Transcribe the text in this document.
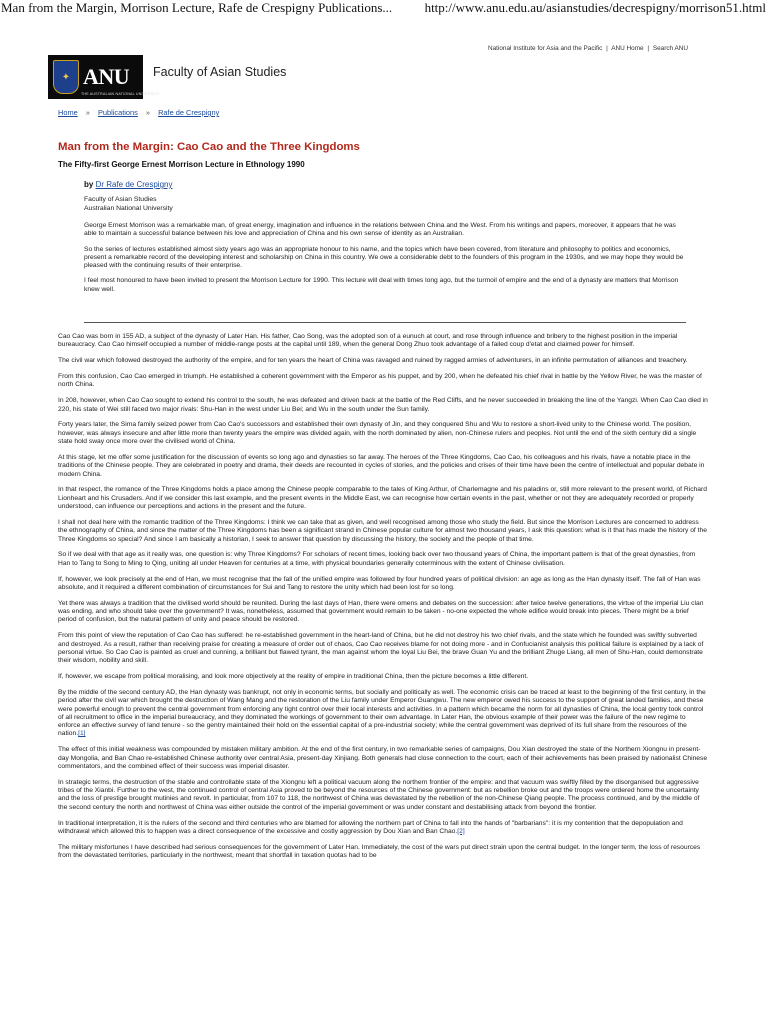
Man from the Margin, Morrison Lecture, Rafe de Crespigny Publications... http://www.anu.edu.au/asianstudies/decrespigny/morrison51.html
National Institute for Asia and the Pacific | ANU Home | Search ANU
✦ ANU
THE AUSTRALIAN NATIONAL UNIVERSITY
Faculty of Asian Studies
Home » Publications » Rafe de Crespigny
Man from the Margin: Cao Cao and the Three Kingdoms
The Fifty-first George Ernest Morrison Lecture in Ethnology 1990
by Dr Rafe de Crespigny
Faculty of Asian Studies
Australian National University

George Ernest Morrison was a remarkable man, of great energy, imagination and influence in the relations between China and the West. From his writings and papers, moreover, it appears that he was able to maintain a successful balance between his love and appreciation of China and his own sense of identity as an Australian.

So the series of lectures established almost sixty years ago was an appropriate honour to his name, and the topics which have been covered, from literature and philosophy to politics and economics, present a remarkable record of the developing interest and scholarship on China in this country. We owe a considerable debt to the founders of this program in the 1930s, and we may hope they would be pleased with the continuing results of their enterprise.

I feel most honoured to have been invited to present the Morrison Lecture for 1990. This lecture will deal with times long ago, but the turmoil of empire and the end of a dynasty are matters that Morrison knew well.

Cao Cao was born in 155 AD, a subject of the dynasty of Later Han. His father, Cao Song, was the adopted son of a eunuch at court, and rose through influence and bribery to the highest position in the imperial bureaucracy. Cao Cao himself occupied a number of middle-range posts at the capital until 189, when the general Dong Zhuo took advantage of a failed coup d'etat and claimed power for himself.

The civil war which followed destroyed the authority of the empire, and for ten years the heart of China was ravaged and ruined by ragged armies of adventurers, in an infinite permutation of alliances and treachery.

From this confusion, Cao Cao emerged in triumph. He established a coherent government with the Emperor as his puppet, and by 200, when he defeated his chief rival in battle by the Yellow River, he was the master of north China.

In 208, however, when Cao Cao sought to extend his control to the south, he was defeated and driven back at the battle of the Red Cliffs, and he never succeeded in breaking the line of the Yangzi. When Cao Cao died in 220, his state of Wei still faced two major rivals: Shu-Han in the west under Liu Bei; and Wu in the south under the Sun family.

Forty years later, the Sima family seized power from Cao Cao's successors and established their own dynasty of Jin, and they conquered Shu and Wu to restore a short-lived unity to the Chinese world. The position, however, was always insecure and after little more than twenty years the empire was divided again, with the north dominated by alien, non-Chinese rulers and peoples. Not until the end of the sixth century did a single state hold sway once more over the civilised world of China.

At this stage, let me offer some justification for the discussion of events so long ago and dynasties so far away. The heroes of the Three Kingdoms, Cao Cao, his colleagues and his rivals, have a notable place in the traditions of the Chinese people. They are celebrated in poetry and drama, their deeds are recounted in cycles of stories, and the policies and crises of their time have been the centre of intellectual and popular debate in modern China.

In that respect, the romance of the Three Kingdoms holds a place among the Chinese people comparable to the tales of King Arthur, of Charlemagne and his paladins or, still more relevant to the present world, of Richard Lionheart and his Crusaders. And if we consider this last example, and the present events in the Middle East, we can recognise how certain events in the past, whether or not they are adequately recorded or properly understood, can influence our perceptions and actions in the present and the future.

I shall not deal here with the romantic tradition of the Three Kingdoms: I think we can take that as given, and well recognised among those who study the field. But since the Morrison Lectures are concerned to address the ethnography of China, and since the matter of the Three Kingdoms has been a significant strand in Chinese popular culture for almost two thousand years, I ask this question: what is it that has made the history of the Three Kingdoms so special? And since I am basically a historian, I seek to answer that question by discussing the history, the society and the people of that time.

So if we deal with that age as it really was, one question is: why Three Kingdoms? For scholars of recent times, looking back over two thousand years of China, the important pattern is that of the great dynasties, from Han to Tang to Song to Ming to Qing, uniting all under Heaven for centuries at a time, with physical boundaries generally coterminous with the extent of Chinese civilisation.

If, however, we look precisely at the end of Han, we must recognise that the fall of the unified empire was followed by four hundred years of political division: an age as long as the Han dynasty itself. The fall of Han was absolute, and it required a different combination of circumstances for Sui and Tang to restore the unity which had been lost for so long.

Yet there was always a tradition that the civilised world should be reunited. During the last days of Han, there were omens and debates on the succession: after twice twelve generations, the virtue of the imperial Liu clan was ending, and who should take over the government? It was, nonetheless, assumed that government would remain to be taken - no-one expected the whole edifice would break into pieces. There might be a brief period of confusion, but the natural pattern of unity and peace should be restored.

From this point of view the reputation of Cao Cao has suffered: he re-established government in the heart-land of China, but he did not destroy his two chief rivals, and the state which he founded was swiftly subverted and destroyed. As a result, rather than receiving praise for creating a measure of order out of chaos, Cao Cao receives blame for not doing more - and in Confucianist analysis this political failure is explained by a lack of personal virtue. So Cao Cao is painted as cruel and cunning, a brilliant but flawed tyrant, the man against whom the loyal Liu Bei, the brave Guan Yu and the brilliant Zhuge Liang, all men of Shu-Han, could demonstrate their wisdom, nobility and skill.

If, however, we escape from political moralising, and look more objectively at the reality of empire in traditional China, then the picture becomes a little different.

By the middle of the second century AD, the Han dynasty was bankrupt, not only in economic terms, but socially and politically as well. The economic crisis can be traced at least to the beginning of the first century, in the period after the civil war which brought the destruction of Wang Mang and the restoration of the Liu family under Emperor Guangwu. The new emperor owed his success to the support of great landed families, and these were powerful enough to prevent the central government from enforcing any tight control over their local interests and activities. In a pattern which became the norm for all dynasties of China, the local gentry took control of all recruitment to office in the imperial bureaucracy, and they dominated the workings of government to their own advantage. In Later Han, the obvious example of their power was the failure of the new regime to enforce an effective survey of land tenure - so the gentry maintained their hold on the essential capital of a pre-industrial society; while the central government was deprived of its full share from the resources of the nation.[1]

The effect of this initial weakness was compounded by mistaken military ambition. At the end of the first century, in two remarkable series of campaigns, Dou Xian destroyed the state of the Northern Xiongnu in present-day Mongolia, and Ban Chao re-established Chinese authority over central Asia, present-day Xinjiang. Both generals had close connection to the court, each of their achievements has been praised by nationalist Chinese commentators, and the combined effect of their success was imperial disaster.

In strategic terms, the destruction of the stable and controllable state of the Xiongnu left a political vacuum along the northern frontier of the empire: and that vacuum was swiftly filled by the disorganised but aggressive tribes of the Xianbi. Further to the west, the continued control of central Asia proved to be beyond the resources of the Chinese government: but as rebellion broke out and the troops were ordered home the uncertainty and the loss of prestige brought mutinies and revolt. In particular, from 107 to 118, the northwest of China was devastated by the rebellion of the non-Chinese Qiang people. The process continued, and by the middle of the second century the north and northwest of China was either outside the control of the imperial government or was under constant and destabilising attack from beyond the frontier.

In traditional interpretation, it is the rulers of the second and third centuries who are blamed for allowing the northern part of China to fall into the hands of "barbarians": it is my contention that the depopulation and withdrawal which allowed this to happen was a direct consequence of the excessive and costly aggression by Dou Xian and Ban Chao.[2]

The military misfortunes I have described had serious consequences for the government of Later Han. Immediately, the cost of the wars put direct strain upon the central budget. In the longer term, the loss of resources from the devastated territories, particularly in the northwest, meant that shortfall in taxation quotas had to be
